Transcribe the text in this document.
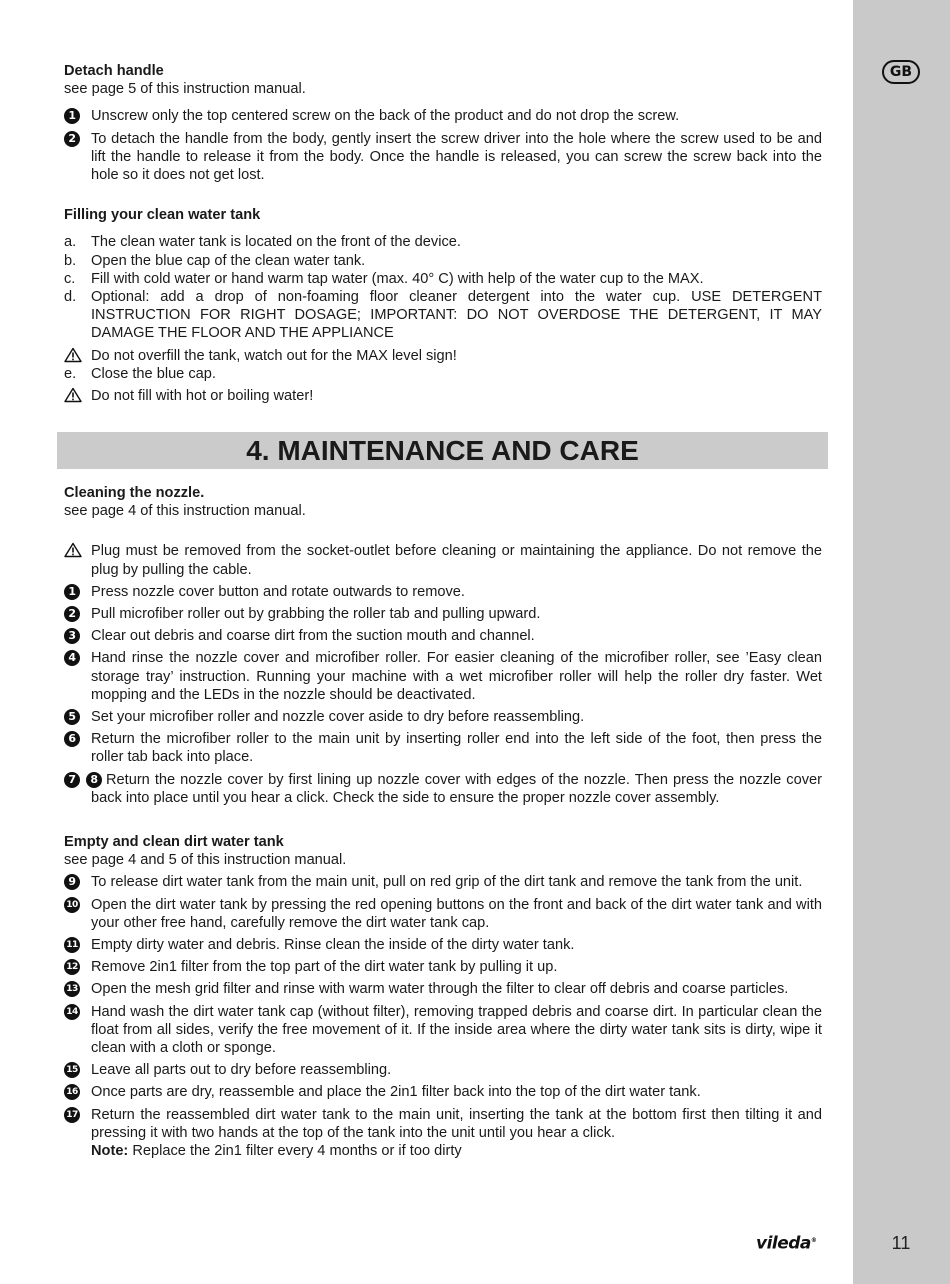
GB
Detach handle
see page 5 of this instruction manual.
1	Unscrew only the top centered screw on the back of the product and do not drop the screw.
2	To detach the handle from the body, gently insert the screw driver into the hole where the screw used to be and lift the handle to release it from the body. Once the handle is released, you can screw the screw back into the hole so it does not get lost.
Filling your clean water tank
a. The clean water tank is located on the front of the device.
b. Open the blue cap of the clean water tank.
c. Fill with cold water or hand warm tap water (max. 40° C) with help of the water cup to the MAX.
d. Optional: add a drop of non-foaming floor cleaner detergent into the water cup. USE DETERGENT INSTRUCTION FOR RIGHT DOSAGE; IMPORTANT: DO NOT OVERDOSE THE DETERGENT, IT MAY DAMAGE THE FLOOR AND THE APPLIANCE
Do not overfill the tank, watch out for the MAX level sign!
e. Close the blue cap.
Do not fill with hot or boiling water!
4. MAINTENANCE AND CARE
Cleaning the nozzle.
see page 4 of this instruction manual.
Plug must be removed from the socket-outlet before cleaning or maintaining the appliance. Do not remove the plug by pulling the cable.
1	Press nozzle cover button and rotate outwards to remove.
2	Pull microfiber roller out by grabbing the roller tab and pulling upward.
3	Clear out debris and coarse dirt from the suction mouth and channel.
4	Hand rinse the nozzle cover and microfiber roller. For easier cleaning of the microfiber roller, see ’Easy clean storage tray’ instruction. Running your machine with a wet microfiber roller will help the roller dry faster. Wet mopping and the LEDs in the nozzle should be deactivated.
5	Set your microfiber roller and nozzle cover aside to dry before reassembling.
6	Return the microfiber roller to the main unit by inserting roller end into the left side of the foot, then press the roller tab back into place.
7	8 Return the nozzle cover by first lining up nozzle cover with edges of the nozzle. Then press the nozzle cover back into place until you hear a click. Check the side to ensure the proper nozzle cover assembly.
Empty and clean dirt water tank
see page 4 and 5 of this instruction manual.
9	To release dirt water tank from the main unit, pull on red grip of the dirt tank and remove the tank from the unit.
10 Open the dirt water tank by pressing the red opening buttons on the front and back of the dirt water tank and with your other free hand, carefully remove the dirt water tank cap.
11 Empty dirty water and debris. Rinse clean the inside of the dirty water tank.
12 Remove 2in1 filter from the top part of the dirt water tank by pulling it up.
13 Open the mesh grid filter and rinse with warm water through the filter to clear off debris and coarse particles.
14 Hand wash the dirt water tank cap (without filter), removing trapped debris and coarse dirt. In particular clean the float from all sides, verify the free movement of it. If the inside area where the dirty water tank sits is dirty, wipe it clean with a cloth or sponge.
15 Leave all parts out to dry before reassembling.
16 Once parts are dry, reassemble and place the 2in1 filter back into the top of the dirt water tank.
17 Return the reassembled dirt water tank to the main unit, inserting the tank at the bottom first then tilting it and pressing it with two hands at the top of the tank into the unit until you hear a click.
Note: Replace the 2in1 filter every 4 months or if too dirty
vileda®	11
